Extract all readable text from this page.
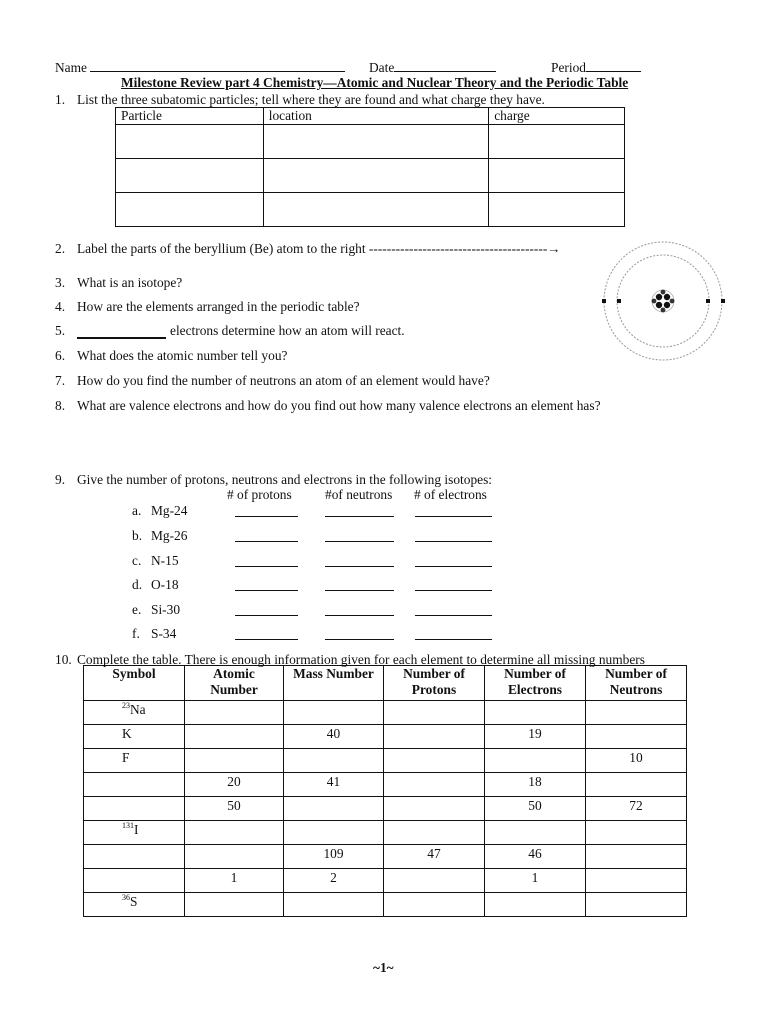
Name	Date	Period
Milestone Review part 4 Chemistry—Atomic and Nuclear Theory and the Periodic Table
1. List the three subatomic particles; tell where they are found and what charge they have.
Particle	location	charge

2. Label the parts of the beryllium (Be) atom to the right ----------------------------------------→
3. What is an isotope?
4. How are the elements arranged in the periodic table?
5.	electrons determine how an atom will react.
6. What does the atomic number tell you?
7. How do you find the number of neutrons an atom of an element would have?
8. What are valence electrons and how do you find out how many valence electrons an element has?
9. Give the number of protons, neutrons and electrons in the following isotopes:
# of protons #of neutrons # of electrons
a. Mg-24
b. Mg-26
c. N-15
d. O-18
e. Si-30
f. S-34
10. Complete the table. There is enough information given for each element to determine all missing numbers
Symbol	Atomic Number	Mass Number	Number of Protons	Number of Electrons	Number of Neutrons
$^{23}$Na					
K		40		19	
F					10
	20	41		18	
	50			50	72
$^{131}$I					
		109	47	46	
	1	2		1	
$^{36}$S					
~1~
